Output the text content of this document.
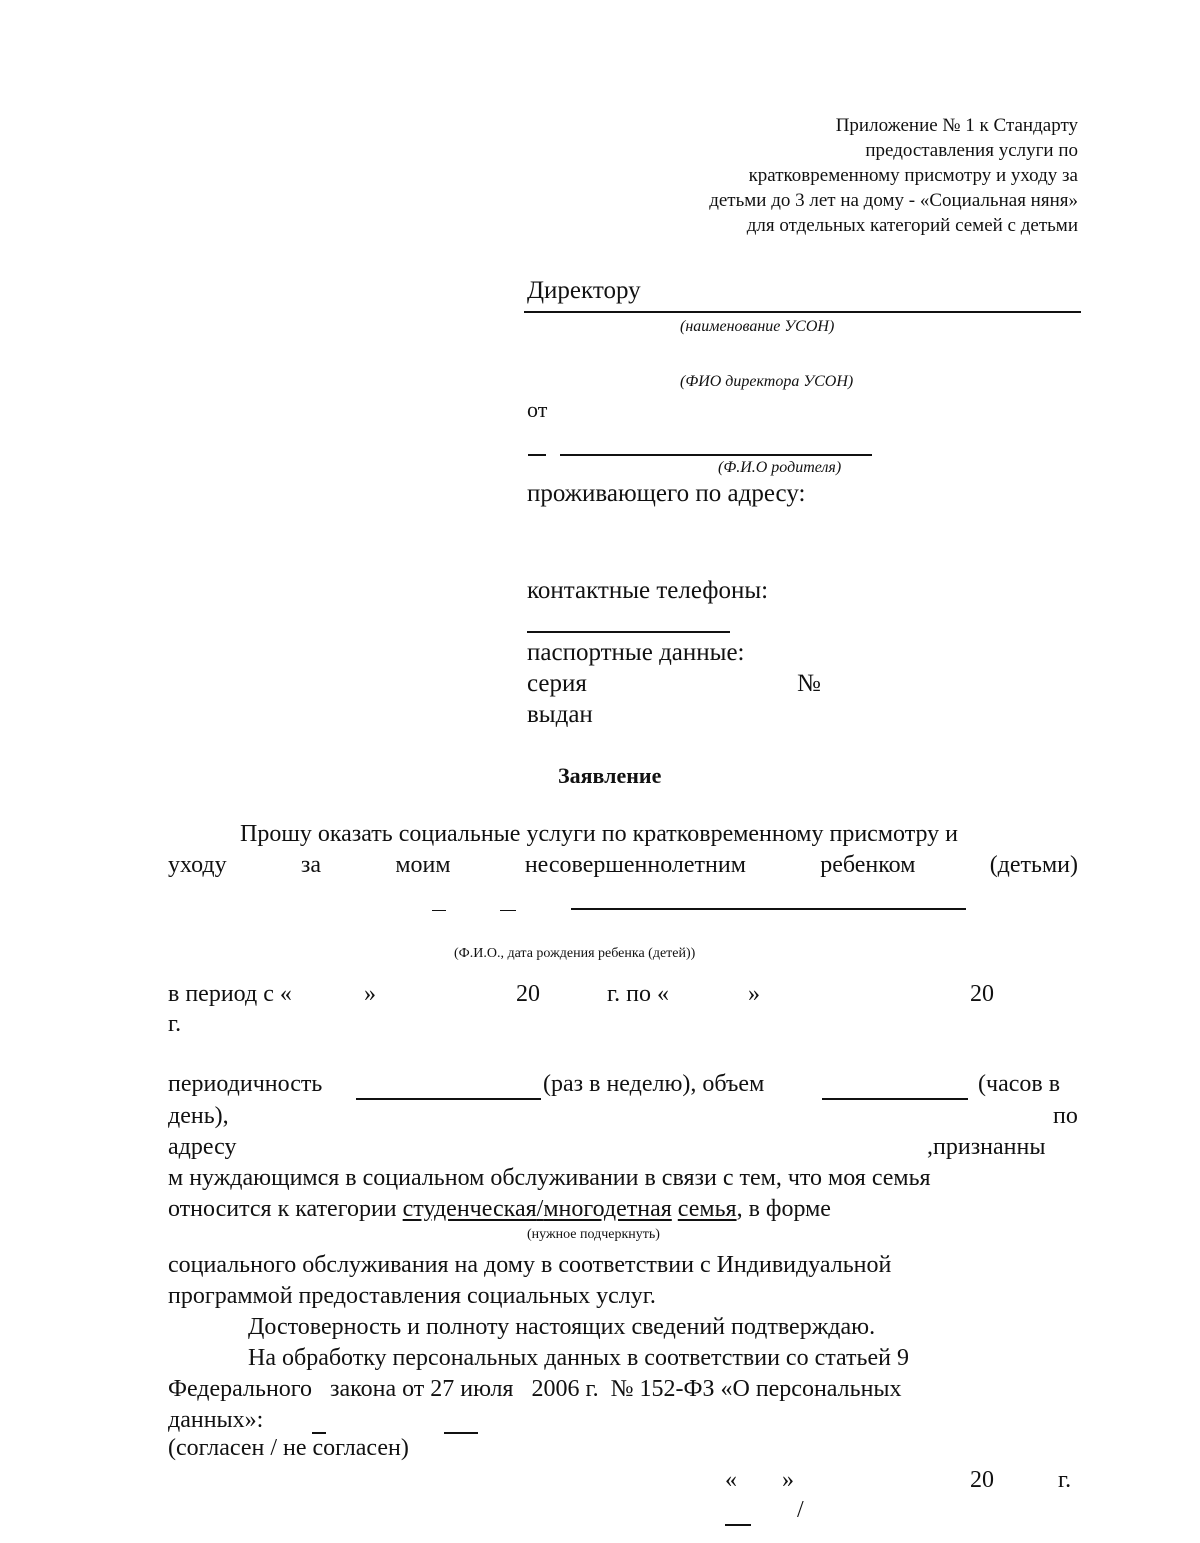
Приложение № 1 к Стандарту
предоставления услуги по
кратковременному присмотру и уходу за
детьми до 3 лет на дому - «Социальная няня»
для отдельных категорий семей с детьми
Директору
(наименование УСОН)
(ФИО директора УСОН)
от
(Ф.И.О родителя)
проживающего по адресу:
контактные телефоны:
паспортные данные:
серия	№
выдан
Заявление
Прошу оказать социальные услуги по кратковременному присмотру и
уходу	за	моим	несовершеннолетним	ребенком	(детьми)
(Ф.И.О., дата рождения ребенка (детей))
в период с «	»	20	г. по «	»	20
г.
периодичность	(раз в неделю), объем	(часов в
день),	по
адресу	,признанны
м нуждающимся в социальном обслуживании в связи с тем, что моя семья
относится к категории студенческая/многодетная семья, в форме
(нужное подчеркнуть)
социального обслуживания на дому в соответствии с Индивидуальной
программой предоставления социальных услуг.
Достоверность и полноту настоящих сведений подтверждаю.
На обработку персональных данных в соответствии со статьей 9
Федерального   закона от 27 июля   2006 г.  № 152-ФЗ «О персональных
данных»:
(согласен / не согласен)
« »	20	г.
/
